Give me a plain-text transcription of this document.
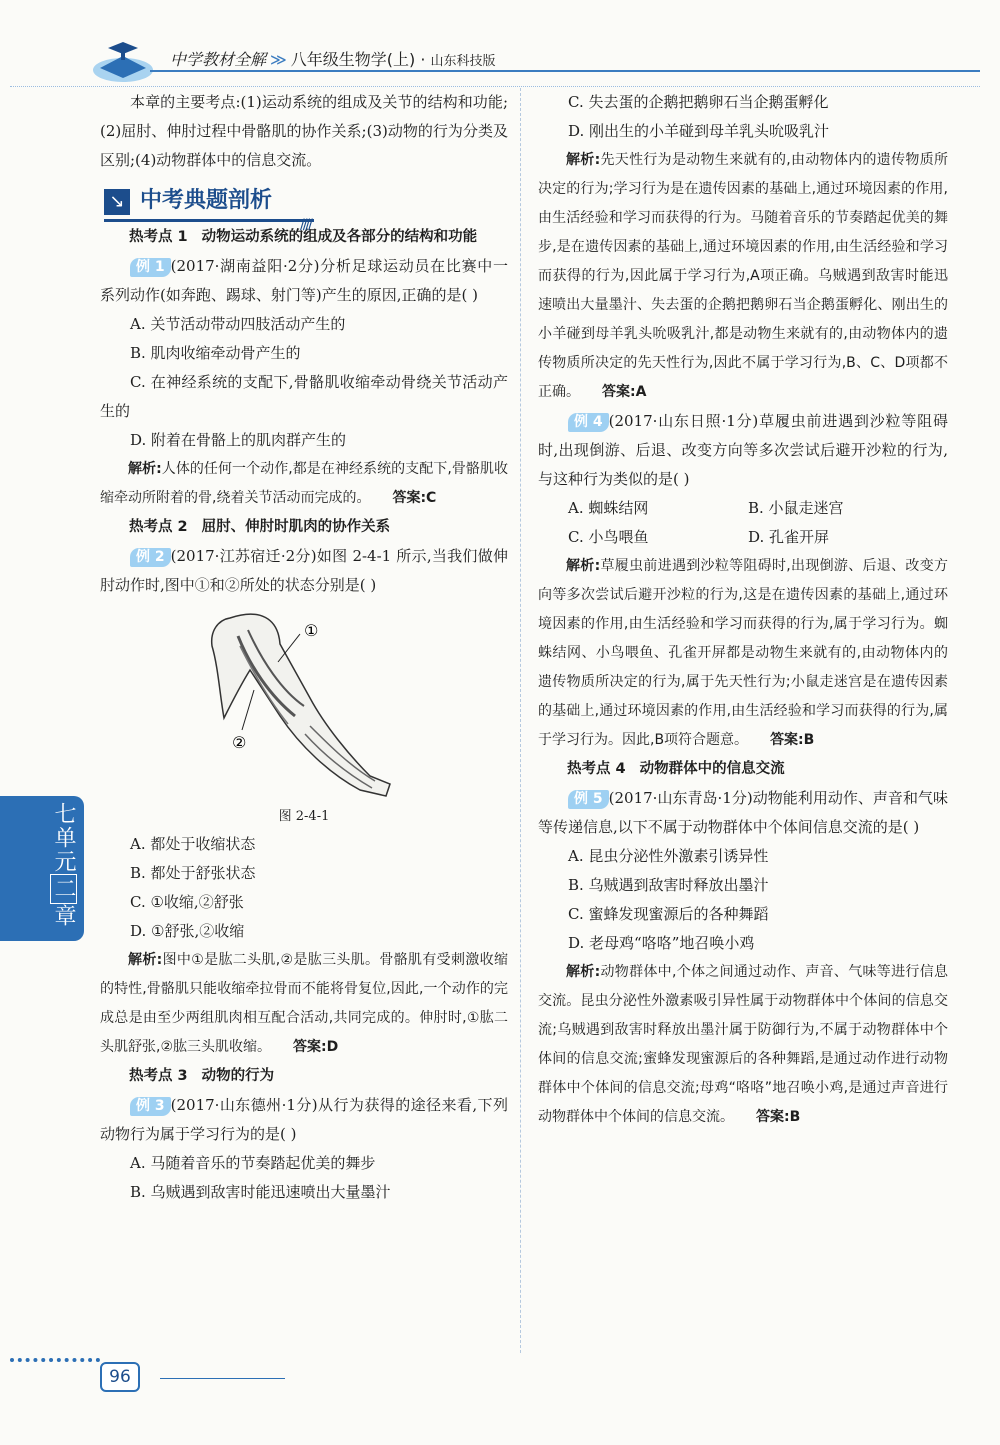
中学教材全解 ≫ 八年级生物学(上) · 山东科技版

本章的主要考点:(1)运动系统的组成及关节的结构和功能;(2)屈肘、伸肘过程中骨骼肌的协作关系;(3)动物的行为分类及区别;(4)动物群体中的信息交流。

↘ 中考典题剖析
////

热考点 1 动物运动系统的组成及各部分的结构和功能

例 1 (2017·湖南益阳·2分)分析足球运动员在比赛中一系列动作(如奔跑、踢球、射门等)产生的原因,正确的是( )

A. 关节活动带动四肢活动产生的

B. 肌肉收缩牵动骨产生的

C. 在神经系统的支配下,骨骼肌收缩牵动骨绕关节活动产生的

D. 附着在骨骼上的肌肉群产生的

解析:人体的任何一个动作,都是在神经系统的支配下,骨骼肌收缩牵动所附着的骨,绕着关节活动而完成的。 答案:C

热考点 2 屈肘、伸肘时肌肉的协作关系

例 2 (2017·江苏宿迁·2分)如图 2-4-1 所示,当我们做伸肘动作时,图中①和②所处的状态分别是( )

①
②

图 2-4-1

A. 都处于收缩状态

B. 都处于舒张状态

C. ①收缩,②舒张

D. ①舒张,②收缩

解析:图中①是肱二头肌,②是肱三头肌。骨骼肌有受刺激收缩的特性,骨骼肌只能收缩牵拉骨而不能将骨复位,因此,一个动作的完成总是由至少两组肌肉相互配合活动,共同完成的。伸肘时,①肱二头肌舒张,②肱三头肌收缩。 答案:D

热考点 3 动物的行为

例 3 (2017·山东德州·1分)从行为获得的途径来看,下列动物行为属于学习行为的是( )

A. 马随着音乐的节奏踏起优美的舞步

B. 乌贼遇到敌害时能迅速喷出大量墨汁

C. 失去蛋的企鹅把鹅卵石当企鹅蛋孵化

D. 刚出生的小羊碰到母羊乳头吮吸乳汁

解析:先天性行为是动物生来就有的,由动物体内的遗传物质所决定的行为;学习行为是在遗传因素的基础上,通过环境因素的作用,由生活经验和学习而获得的行为。马随着音乐的节奏踏起优美的舞步,是在遗传因素的基础上,通过环境因素的作用,由生活经验和学习而获得的行为,因此属于学习行为,A项正确。乌贼遇到敌害时能迅速喷出大量墨汁、失去蛋的企鹅把鹅卵石当企鹅蛋孵化、刚出生的小羊碰到母羊乳头吮吸乳汁,都是动物生来就有的,由动物体内的遗传物质所决定的先天性行为,因此不属于学习行为,B、C、D项都不正确。 答案:A

例 4 (2017·山东日照·1分)草履虫前进遇到沙粒等阻碍时,出现倒游、后退、改变方向等多次尝试后避开沙粒的行为,与这种行为类似的是( )

A. 蜘蛛结网	B. 小鼠走迷宫
C. 小鸟喂鱼	D. 孔雀开屏

解析:草履虫前进遇到沙粒等阻碍时,出现倒游、后退、改变方向等多次尝试后避开沙粒的行为,这是在遗传因素的基础上,通过环境因素的作用,由生活经验和学习而获得的行为,属于学习行为。蜘蛛结网、小鸟喂鱼、孔雀开屏都是动物生来就有的,由动物体内的遗传物质所决定的行为,属于先天性行为;小鼠走迷宫是在遗传因素的基础上,通过环境因素的作用,由生活经验和学习而获得的行为,属于学习行为。因此,B项符合题意。 答案:B

热考点 4 动物群体中的信息交流

例 5 (2017·山东青岛·1分)动物能利用动作、声音和气味等传递信息,以下不属于动物群体中个体间信息交流的是( )

A. 昆虫分泌性外激素引诱异性

B. 乌贼遇到敌害时释放出墨汁

C. 蜜蜂发现蜜源后的各种舞蹈

D. 老母鸡“咯咯”地召唤小鸡

解析:动物群体中,个体之间通过动作、声音、气味等进行信息交流。昆虫分泌性外激素吸引异性属于动物群体中个体间的信息交流;乌贼遇到敌害时释放出墨汁属于防御行为,不属于动物群体中个体间的信息交流;蜜蜂发现蜜源后的各种舞蹈,是通过动作进行动物群体中个体间的信息交流;母鸡“咯咯”地召唤小鸡,是通过声音进行动物群体中个体间的信息交流。 答案:B

七单元二章
96
